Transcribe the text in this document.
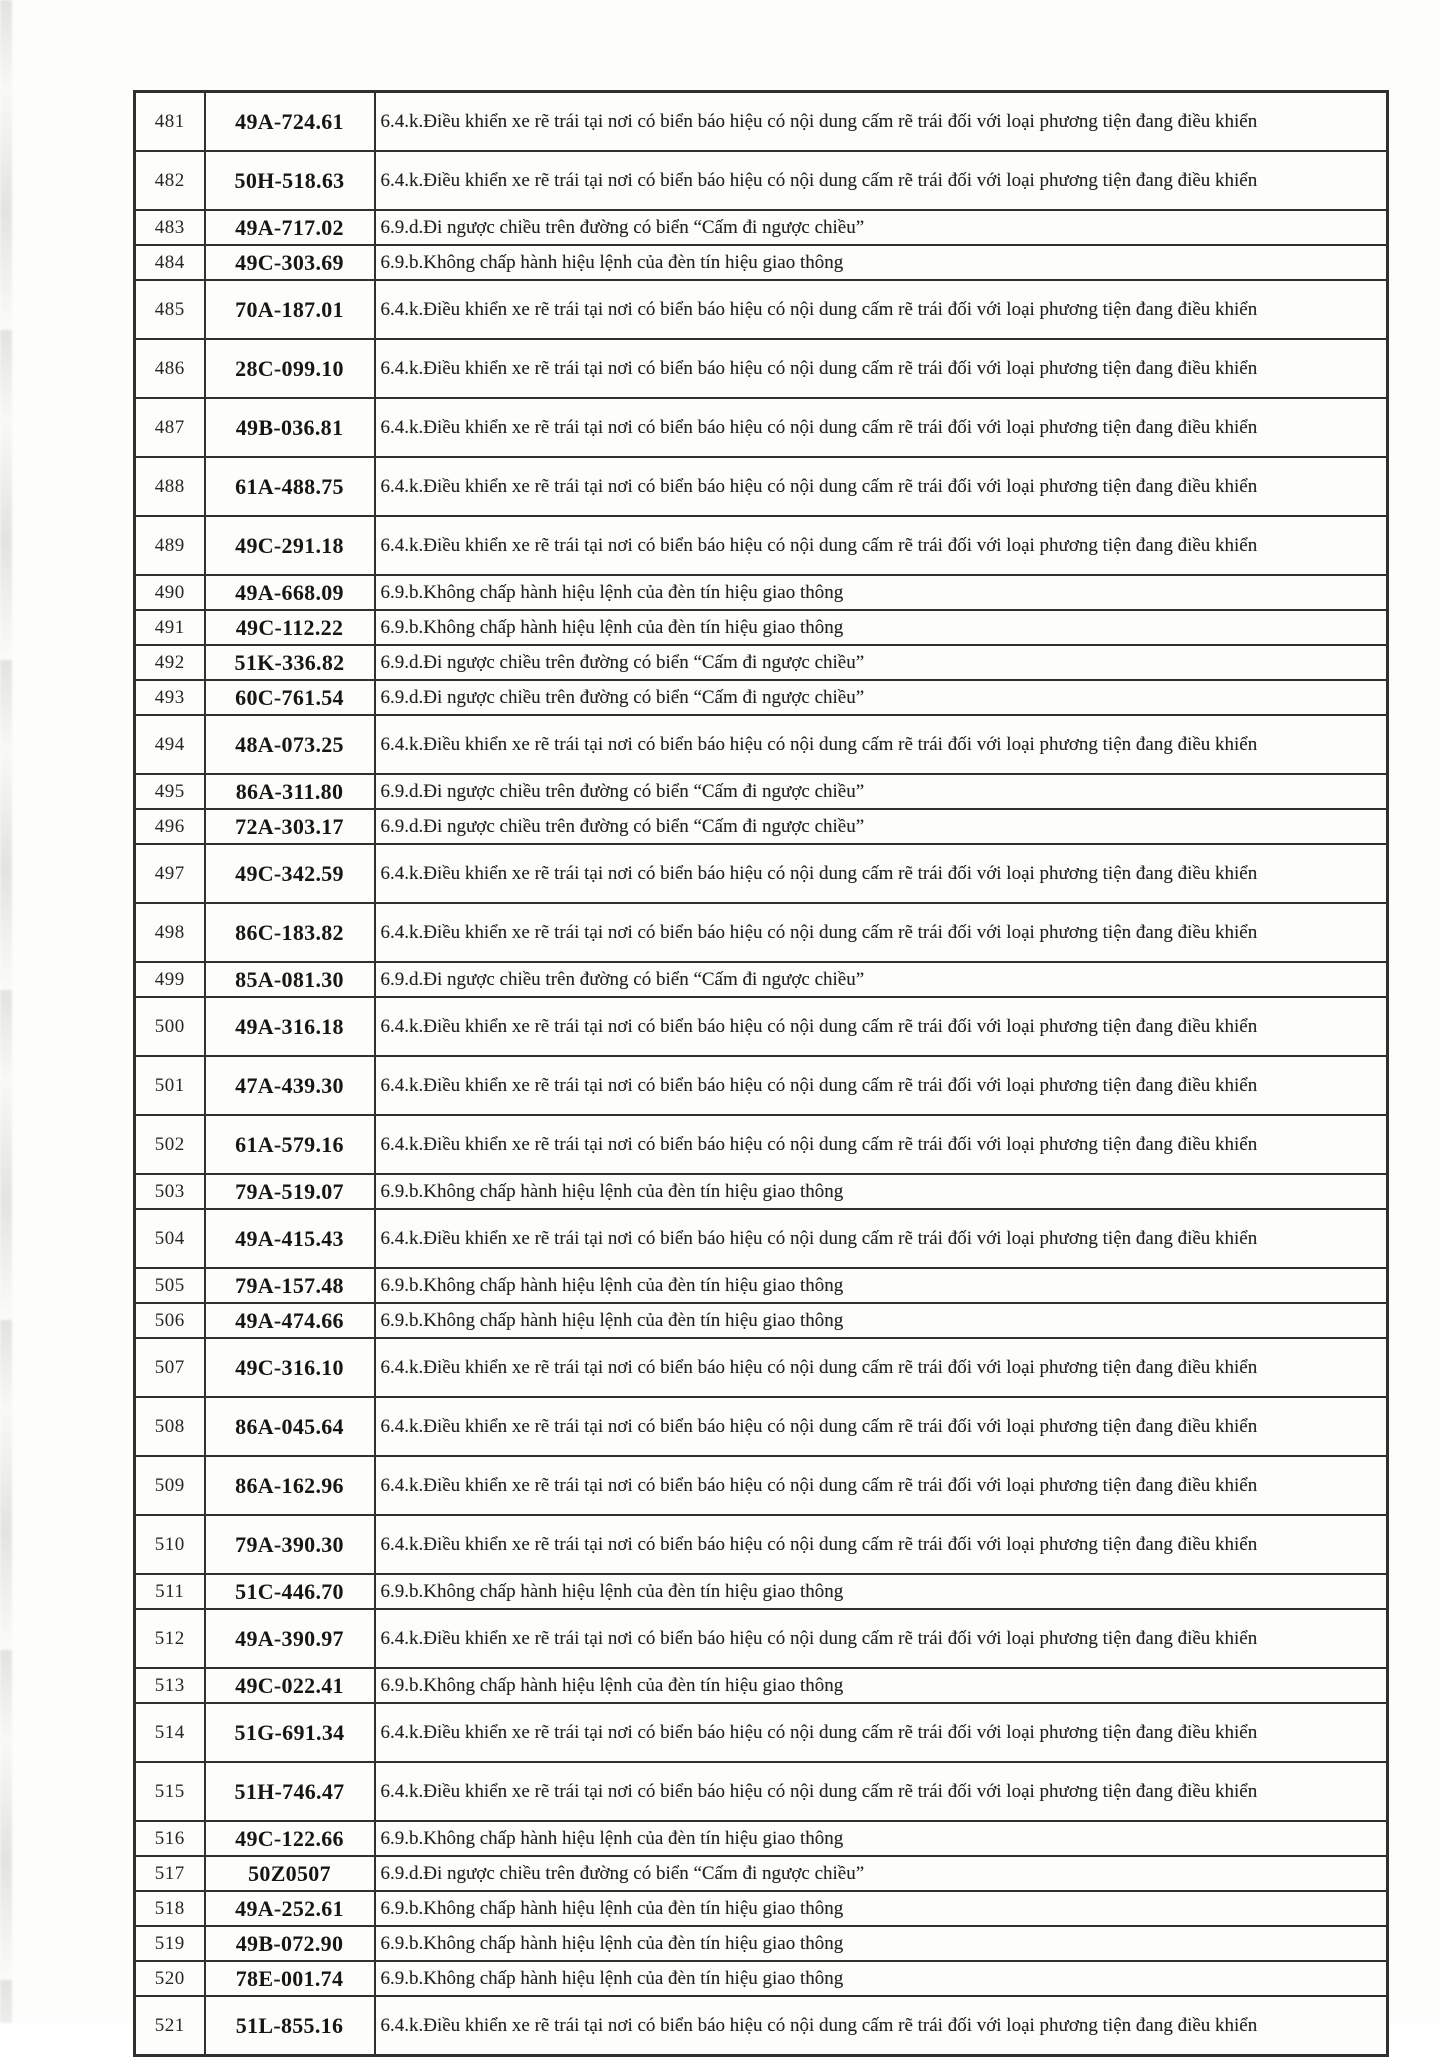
481	49A-724.61	6.4.k.Điều khiển xe rẽ trái tại nơi có biển báo hiệu có nội dung cấm rẽ trái đối với loại phương tiện đang điều khiển
482	50H-518.63	6.4.k.Điều khiển xe rẽ trái tại nơi có biển báo hiệu có nội dung cấm rẽ trái đối với loại phương tiện đang điều khiển
483	49A-717.02	6.9.d.Đi ngược chiều trên đường có biển “Cấm đi ngược chiều”
484	49C-303.69	6.9.b.Không chấp hành hiệu lệnh của đèn tín hiệu giao thông
485	70A-187.01	6.4.k.Điều khiển xe rẽ trái tại nơi có biển báo hiệu có nội dung cấm rẽ trái đối với loại phương tiện đang điều khiển
486	28C-099.10	6.4.k.Điều khiển xe rẽ trái tại nơi có biển báo hiệu có nội dung cấm rẽ trái đối với loại phương tiện đang điều khiển
487	49B-036.81	6.4.k.Điều khiển xe rẽ trái tại nơi có biển báo hiệu có nội dung cấm rẽ trái đối với loại phương tiện đang điều khiển
488	61A-488.75	6.4.k.Điều khiển xe rẽ trái tại nơi có biển báo hiệu có nội dung cấm rẽ trái đối với loại phương tiện đang điều khiển
489	49C-291.18	6.4.k.Điều khiển xe rẽ trái tại nơi có biển báo hiệu có nội dung cấm rẽ trái đối với loại phương tiện đang điều khiển
490	49A-668.09	6.9.b.Không chấp hành hiệu lệnh của đèn tín hiệu giao thông
491	49C-112.22	6.9.b.Không chấp hành hiệu lệnh của đèn tín hiệu giao thông
492	51K-336.82	6.9.d.Đi ngược chiều trên đường có biển “Cấm đi ngược chiều”
493	60C-761.54	6.9.d.Đi ngược chiều trên đường có biển “Cấm đi ngược chiều”
494	48A-073.25	6.4.k.Điều khiển xe rẽ trái tại nơi có biển báo hiệu có nội dung cấm rẽ trái đối với loại phương tiện đang điều khiển
495	86A-311.80	6.9.d.Đi ngược chiều trên đường có biển “Cấm đi ngược chiều”
496	72A-303.17	6.9.d.Đi ngược chiều trên đường có biển “Cấm đi ngược chiều”
497	49C-342.59	6.4.k.Điều khiển xe rẽ trái tại nơi có biển báo hiệu có nội dung cấm rẽ trái đối với loại phương tiện đang điều khiển
498	86C-183.82	6.4.k.Điều khiển xe rẽ trái tại nơi có biển báo hiệu có nội dung cấm rẽ trái đối với loại phương tiện đang điều khiển
499	85A-081.30	6.9.d.Đi ngược chiều trên đường có biển “Cấm đi ngược chiều”
500	49A-316.18	6.4.k.Điều khiển xe rẽ trái tại nơi có biển báo hiệu có nội dung cấm rẽ trái đối với loại phương tiện đang điều khiển
501	47A-439.30	6.4.k.Điều khiển xe rẽ trái tại nơi có biển báo hiệu có nội dung cấm rẽ trái đối với loại phương tiện đang điều khiển
502	61A-579.16	6.4.k.Điều khiển xe rẽ trái tại nơi có biển báo hiệu có nội dung cấm rẽ trái đối với loại phương tiện đang điều khiển
503	79A-519.07	6.9.b.Không chấp hành hiệu lệnh của đèn tín hiệu giao thông
504	49A-415.43	6.4.k.Điều khiển xe rẽ trái tại nơi có biển báo hiệu có nội dung cấm rẽ trái đối với loại phương tiện đang điều khiển
505	79A-157.48	6.9.b.Không chấp hành hiệu lệnh của đèn tín hiệu giao thông
506	49A-474.66	6.9.b.Không chấp hành hiệu lệnh của đèn tín hiệu giao thông
507	49C-316.10	6.4.k.Điều khiển xe rẽ trái tại nơi có biển báo hiệu có nội dung cấm rẽ trái đối với loại phương tiện đang điều khiển
508	86A-045.64	6.4.k.Điều khiển xe rẽ trái tại nơi có biển báo hiệu có nội dung cấm rẽ trái đối với loại phương tiện đang điều khiển
509	86A-162.96	6.4.k.Điều khiển xe rẽ trái tại nơi có biển báo hiệu có nội dung cấm rẽ trái đối với loại phương tiện đang điều khiển
510	79A-390.30	6.4.k.Điều khiển xe rẽ trái tại nơi có biển báo hiệu có nội dung cấm rẽ trái đối với loại phương tiện đang điều khiển
511	51C-446.70	6.9.b.Không chấp hành hiệu lệnh của đèn tín hiệu giao thông
512	49A-390.97	6.4.k.Điều khiển xe rẽ trái tại nơi có biển báo hiệu có nội dung cấm rẽ trái đối với loại phương tiện đang điều khiển
513	49C-022.41	6.9.b.Không chấp hành hiệu lệnh của đèn tín hiệu giao thông
514	51G-691.34	6.4.k.Điều khiển xe rẽ trái tại nơi có biển báo hiệu có nội dung cấm rẽ trái đối với loại phương tiện đang điều khiển
515	51H-746.47	6.4.k.Điều khiển xe rẽ trái tại nơi có biển báo hiệu có nội dung cấm rẽ trái đối với loại phương tiện đang điều khiển
516	49C-122.66	6.9.b.Không chấp hành hiệu lệnh của đèn tín hiệu giao thông
517	50Z0507	6.9.d.Đi ngược chiều trên đường có biển “Cấm đi ngược chiều”
518	49A-252.61	6.9.b.Không chấp hành hiệu lệnh của đèn tín hiệu giao thông
519	49B-072.90	6.9.b.Không chấp hành hiệu lệnh của đèn tín hiệu giao thông
520	78E-001.74	6.9.b.Không chấp hành hiệu lệnh của đèn tín hiệu giao thông
521	51L-855.16	6.4.k.Điều khiển xe rẽ trái tại nơi có biển báo hiệu có nội dung cấm rẽ trái đối với loại phương tiện đang điều khiển
